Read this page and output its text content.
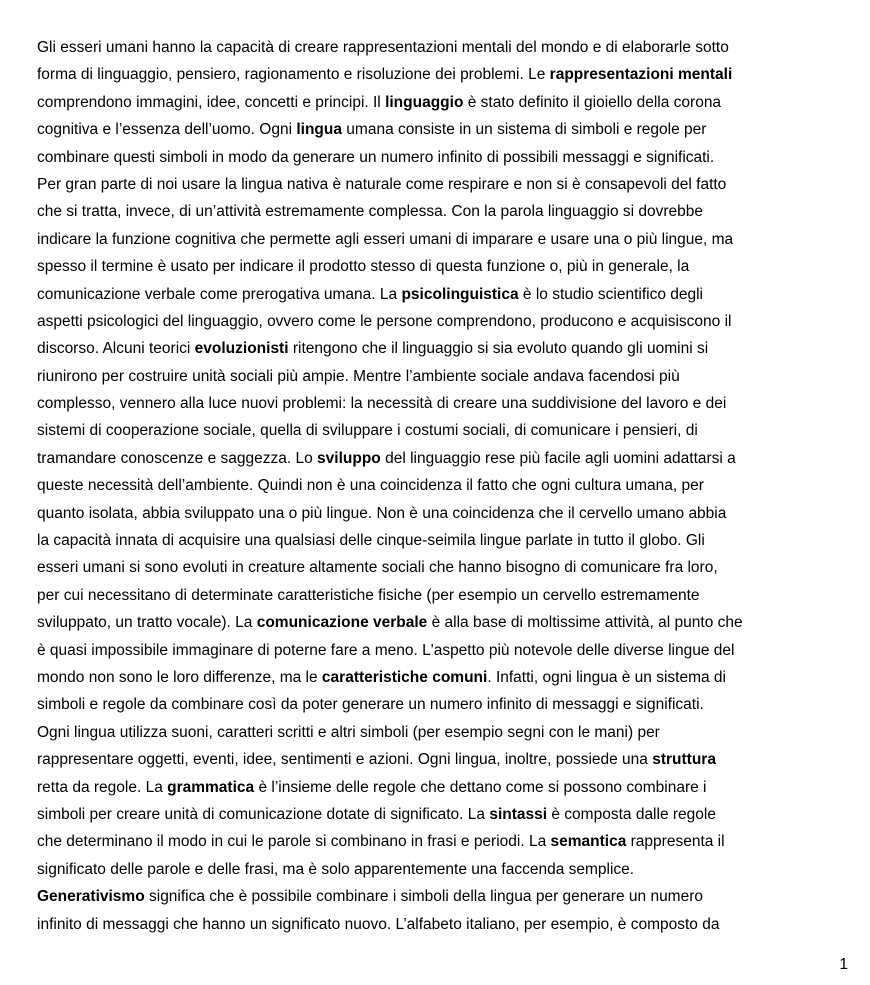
Gli esseri umani hanno la capacità di creare rappresentazioni mentali del mondo e di elaborarle sotto
forma di linguaggio, pensiero, ragionamento e risoluzione dei problemi. Le rappresentazioni mentali
comprendono immagini, idee, concetti e principi. Il linguaggio è stato definito il gioiello della corona
cognitiva e l’essenza dell’uomo. Ogni lingua umana consiste in un sistema di simboli e regole per
combinare questi simboli in modo da generare un numero infinito di possibili messaggi e significati.
Per gran parte di noi usare la lingua nativa è naturale come respirare e non si è consapevoli del fatto
che si tratta, invece, di un’attività estremamente complessa. Con la parola linguaggio si dovrebbe
indicare la funzione cognitiva che permette agli esseri umani di imparare e usare una o più lingue, ma
spesso il termine è usato per indicare il prodotto stesso di questa funzione o, più in generale, la
comunicazione verbale come prerogativa umana. La psicolinguistica è lo studio scientifico degli
aspetti psicologici del linguaggio, ovvero come le persone comprendono, producono e acquisiscono il
discorso. Alcuni teorici evoluzionisti ritengono che il linguaggio si sia evoluto quando gli uomini si
riunirono per costruire unità sociali più ampie. Mentre l’ambiente sociale andava facendosi più
complesso, vennero alla luce nuovi problemi: la necessità di creare una suddivisione del lavoro e dei
sistemi di cooperazione sociale, quella di sviluppare i costumi sociali, di comunicare i pensieri, di
tramandare conoscenze e saggezza. Lo sviluppo del linguaggio rese più facile agli uomini adattarsi a
queste necessità dell’ambiente. Quindi non è una coincidenza il fatto che ogni cultura umana, per
quanto isolata, abbia sviluppato una o più lingue. Non è una coincidenza che il cervello umano abbia
la capacità innata di acquisire una qualsiasi delle cinque-seimila lingue parlate in tutto il globo. Gli
esseri umani si sono evoluti in creature altamente sociali che hanno bisogno di comunicare fra loro,
per cui necessitano di determinate caratteristiche fisiche (per esempio un cervello estremamente
sviluppato, un tratto vocale). La comunicazione verbale è alla base di moltissime attività, al punto che
è quasi impossibile immaginare di poterne fare a meno. L'aspetto più notevole delle diverse lingue del
mondo non sono le loro differenze, ma le caratteristiche comuni. Infatti, ogni lingua è un sistema di
simboli e regole da combinare così da poter generare un numero infinito di messaggi e significati.
Ogni lingua utilizza suoni, caratteri scritti e altri simboli (per esempio segni con le mani) per
rappresentare oggetti, eventi, idee, sentimenti e azioni. Ogni lingua, inoltre, possiede una struttura
retta da regole. La grammatica è l’insieme delle regole che dettano come si possono combinare i
simboli per creare unità di comunicazione dotate di significato. La sintassi è composta dalle regole
che determinano il modo in cui le parole si combinano in frasi e periodi. La semantica rappresenta il
significato delle parole e delle frasi, ma è solo apparentemente una faccenda semplice.
Generativismo significa che è possibile combinare i simboli della lingua per generare un numero
infinito di messaggi che hanno un significato nuovo. L’alfabeto italiano, per esempio, è composto da
1
